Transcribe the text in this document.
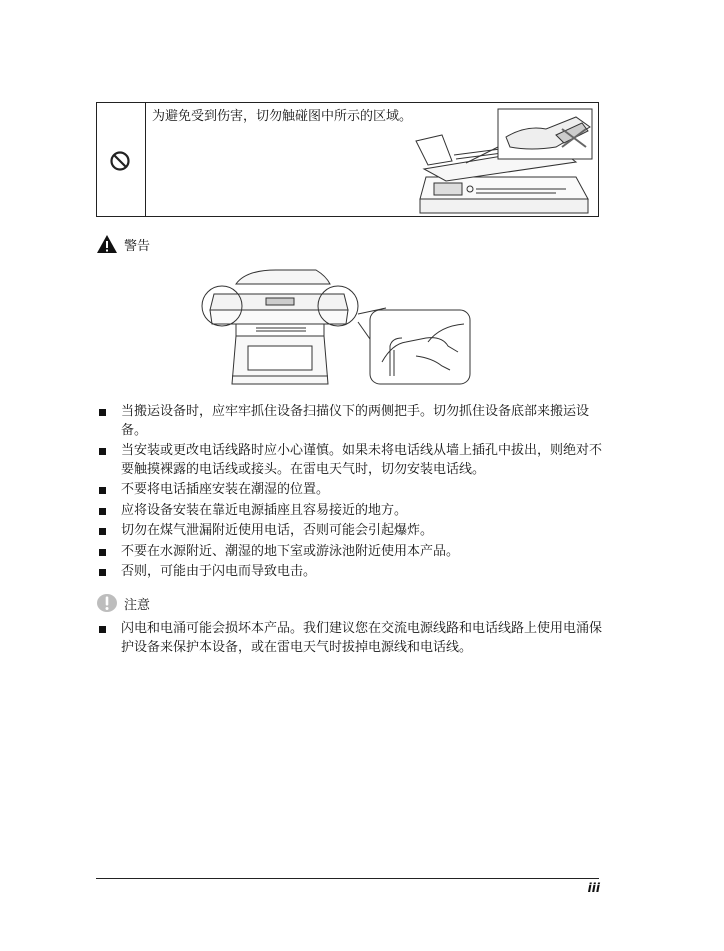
为避免受到伤害，切勿触碰图中所示的区域。
警告
当搬运设备时，应牢牢抓住设备扫描仪下的两侧把手。切勿抓住设备底部来搬运设备。
当安装或更改电话线路时应小心谨慎。如果未将电话线从墙上插孔中拔出，则绝对不要触摸裸露的电话线或接头。在雷电天气时，切勿安装电话线。
不要将电话插座安装在潮湿的位置。
应将设备安装在靠近电源插座且容易接近的地方。
切勿在煤气泄漏附近使用电话，否则可能会引起爆炸。
不要在水源附近、潮湿的地下室或游泳池附近使用本产品。
否则，可能由于闪电而导致电击。
注意
闪电和电涌可能会损坏本产品。我们建议您在交流电源线路和电话线路上使用电涌保护设备来保护本设备，或在雷电天气时拔掉电源线和电话线。
iii
